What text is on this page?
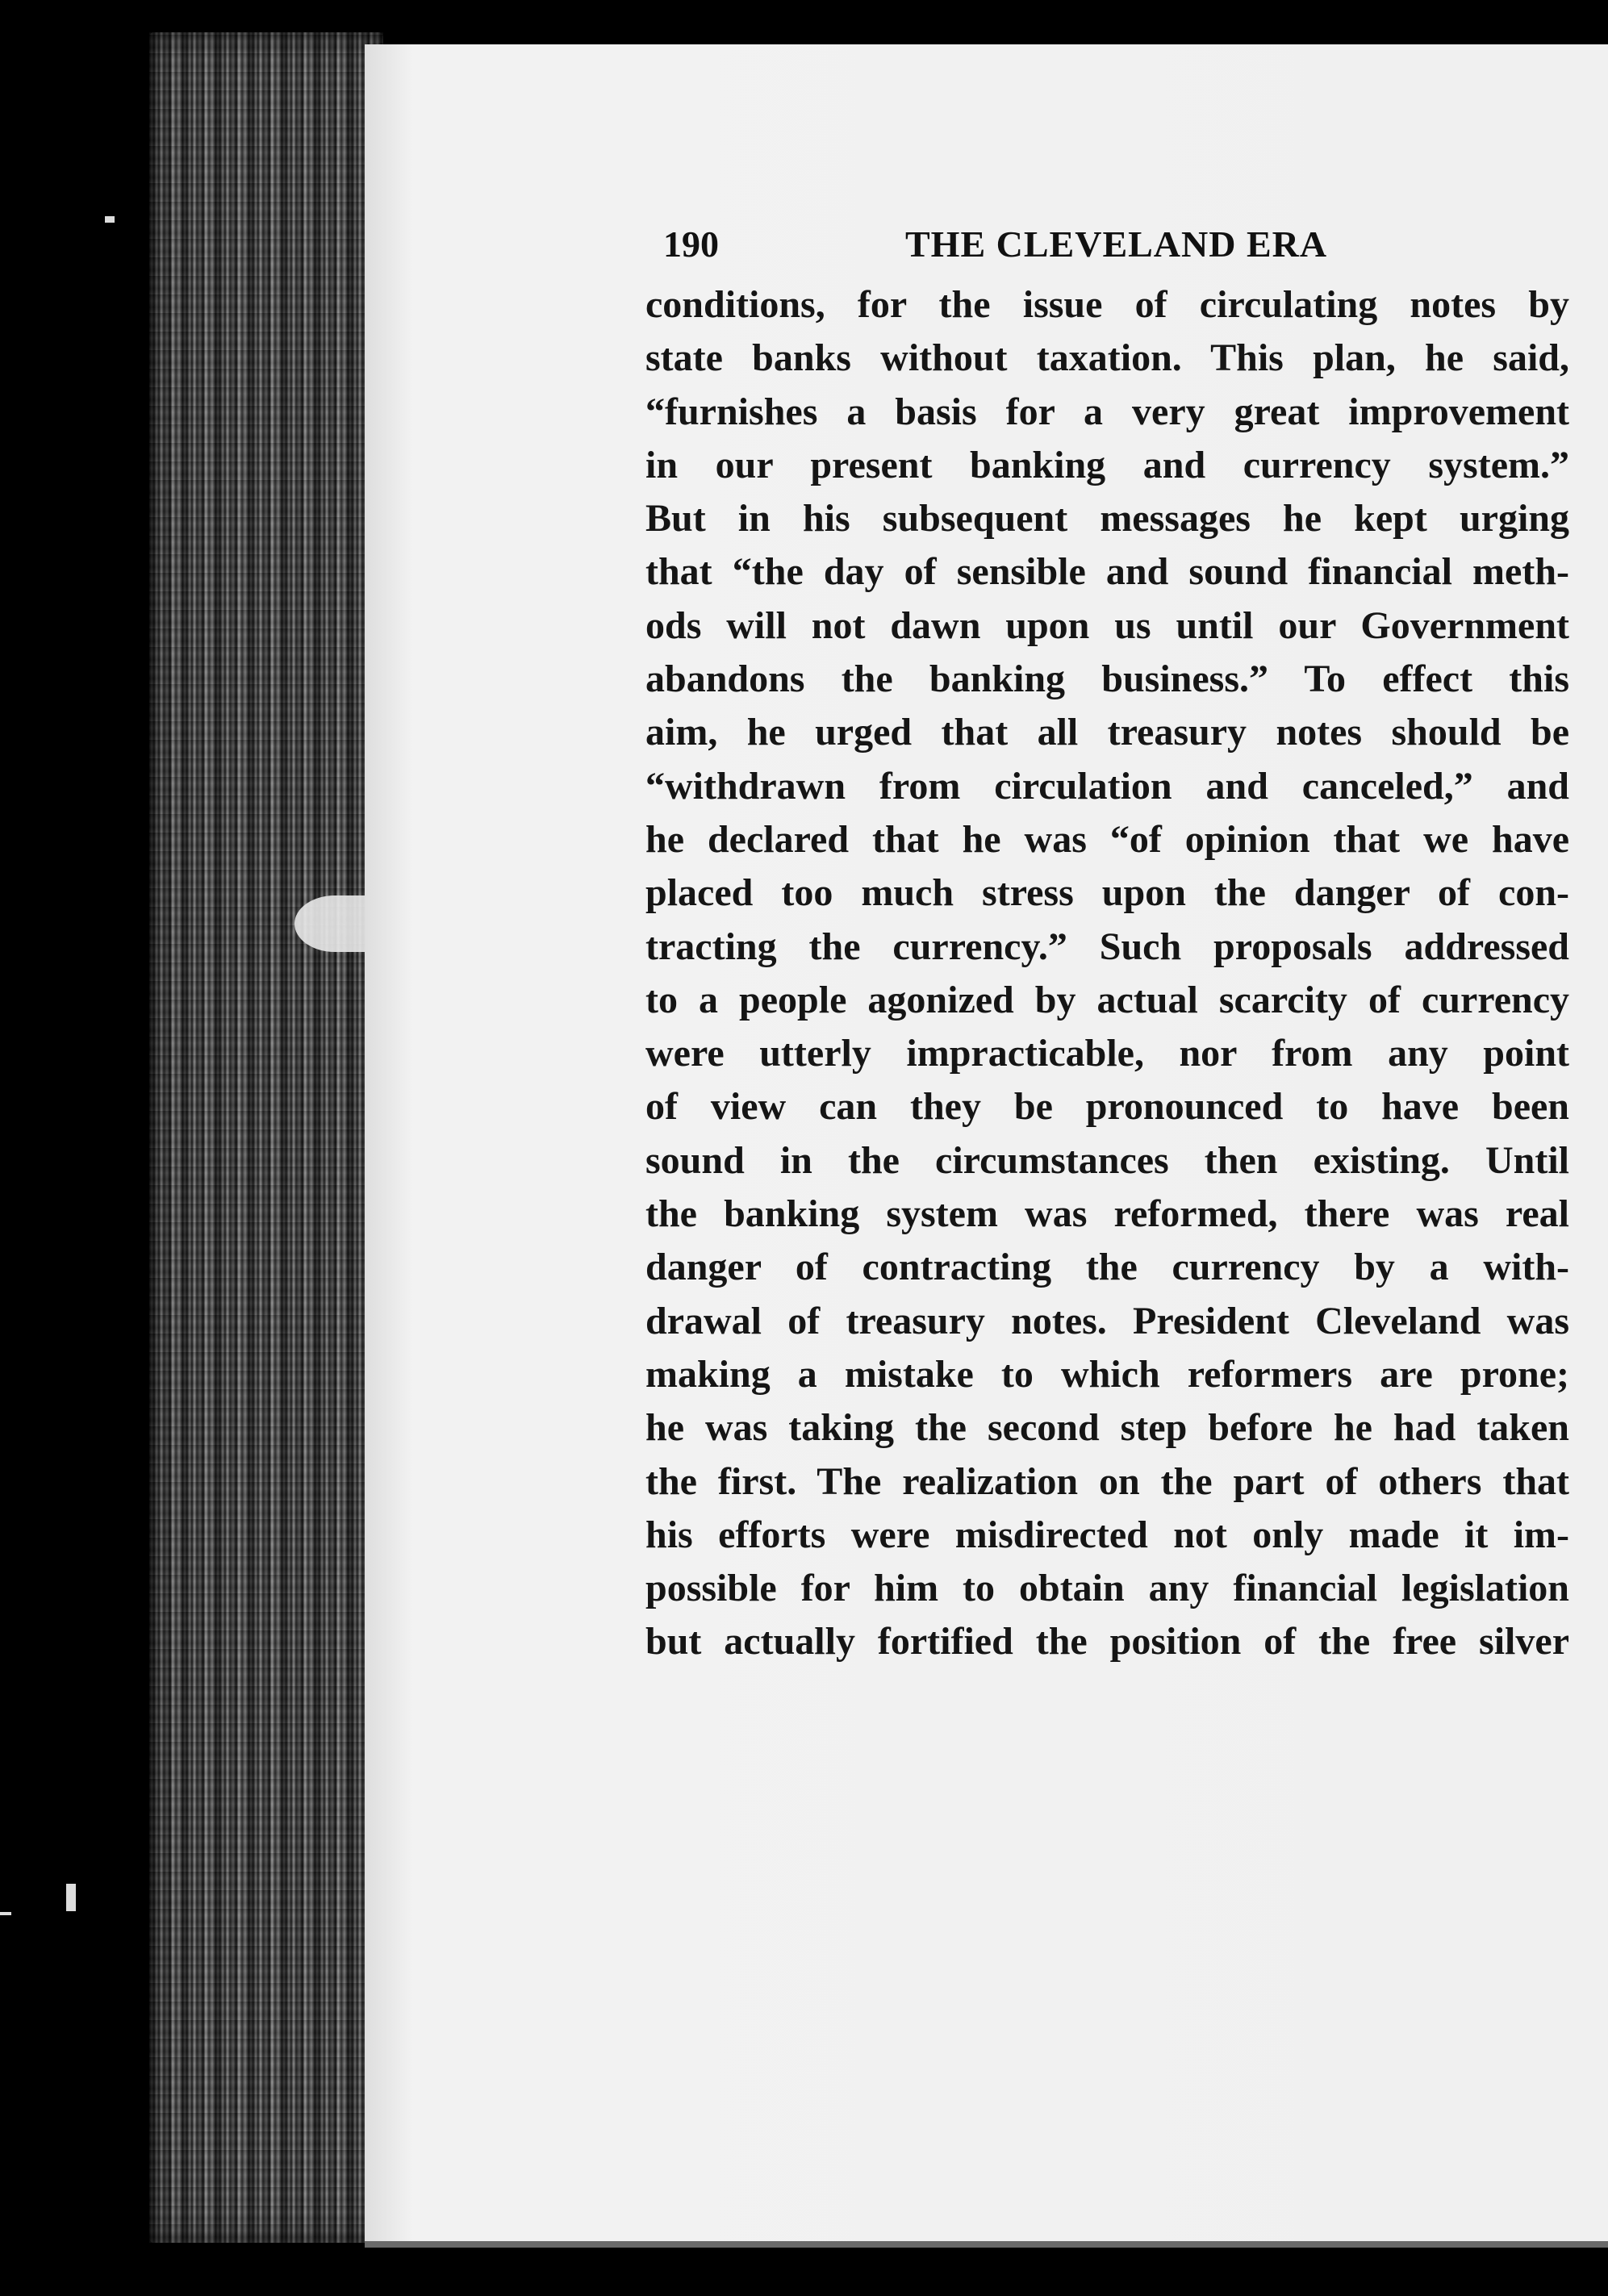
190	THE CLEVELAND ERA
conditions, for the issue of circulating notes by
state banks without taxation. This plan, he said,
“furnishes a basis for a very great improvement
in our present banking and currency system.”
But in his subsequent messages he kept urging
that “the day of sensible and sound financial meth-
ods will not dawn upon us until our Government
abandons the banking business.” To effect this
aim, he urged that all treasury notes should be
“withdrawn from circulation and canceled,” and
he declared that he was “of opinion that we have
placed too much stress upon the danger of con-
tracting the currency.” Such proposals addressed
to a people agonized by actual scarcity of currency
were utterly impracticable, nor from any point
of view can they be pronounced to have been
sound in the circumstances then existing. Until
the banking system was reformed, there was real
danger of contracting the currency by a with-
drawal of treasury notes. President Cleveland was
making a mistake to which reformers are prone;
he was taking the second step before he had taken
the first. The realization on the part of others that
his efforts were misdirected not only made it im-
possible for him to obtain any financial legislation
but actually fortified the position of the free silver
